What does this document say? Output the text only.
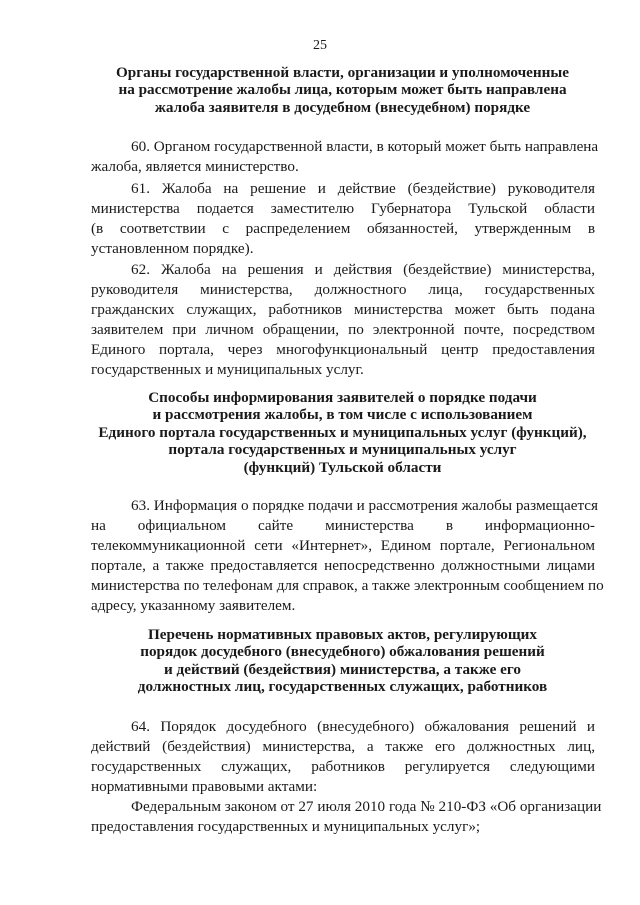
25
Органы государственной власти, организации и уполномоченные
на рассмотрение жалобы лица, которым может быть направлена
жалоба заявителя в досудебном (внесудебном) порядке
60. Органом государственной власти, в который может быть направлена
жалоба, является министерство.
61. Жалоба на решение и действие (бездействие) руководителя
министерства подается заместителю Губернатора Тульской области
(в соответствии с распределением обязанностей, утвержденным в
установленном порядке).
62. Жалоба на решения и действия (бездействие) министерства,
руководителя министерства, должностного лица, государственных
гражданских служащих, работников министерства может быть подана
заявителем при личном обращении, по электронной почте, посредством
Единого портала, через многофункциональный центр предоставления
государственных и муниципальных услуг.
Способы информирования заявителей о порядке подачи
и рассмотрения жалобы, в том числе с использованием
Единого портала государственных и муниципальных услуг (функций),
портала государственных и муниципальных услуг
(функций) Тульской области
63. Информация о порядке подачи и рассмотрения жалобы размещается
на официальном сайте министерства в информационно-
телекоммуникационной сети «Интернет», Едином портале, Региональном
портале, а также предоставляется непосредственно должностными лицами
министерства по телефонам для справок, а также электронным сообщением по
адресу, указанному заявителем.
Перечень нормативных правовых актов, регулирующих
порядок досудебного (внесудебного) обжалования решений
и действий (бездействия) министерства, а также его
должностных лиц, государственных служащих, работников
64. Порядок досудебного (внесудебного) обжалования решений и
действий (бездействия) министерства, а также его должностных лиц,
государственных служащих, работников регулируется следующими
нормативными правовыми актами:
Федеральным законом от 27 июля 2010 года № 210-ФЗ «Об организации
предоставления государственных и муниципальных услуг»;
